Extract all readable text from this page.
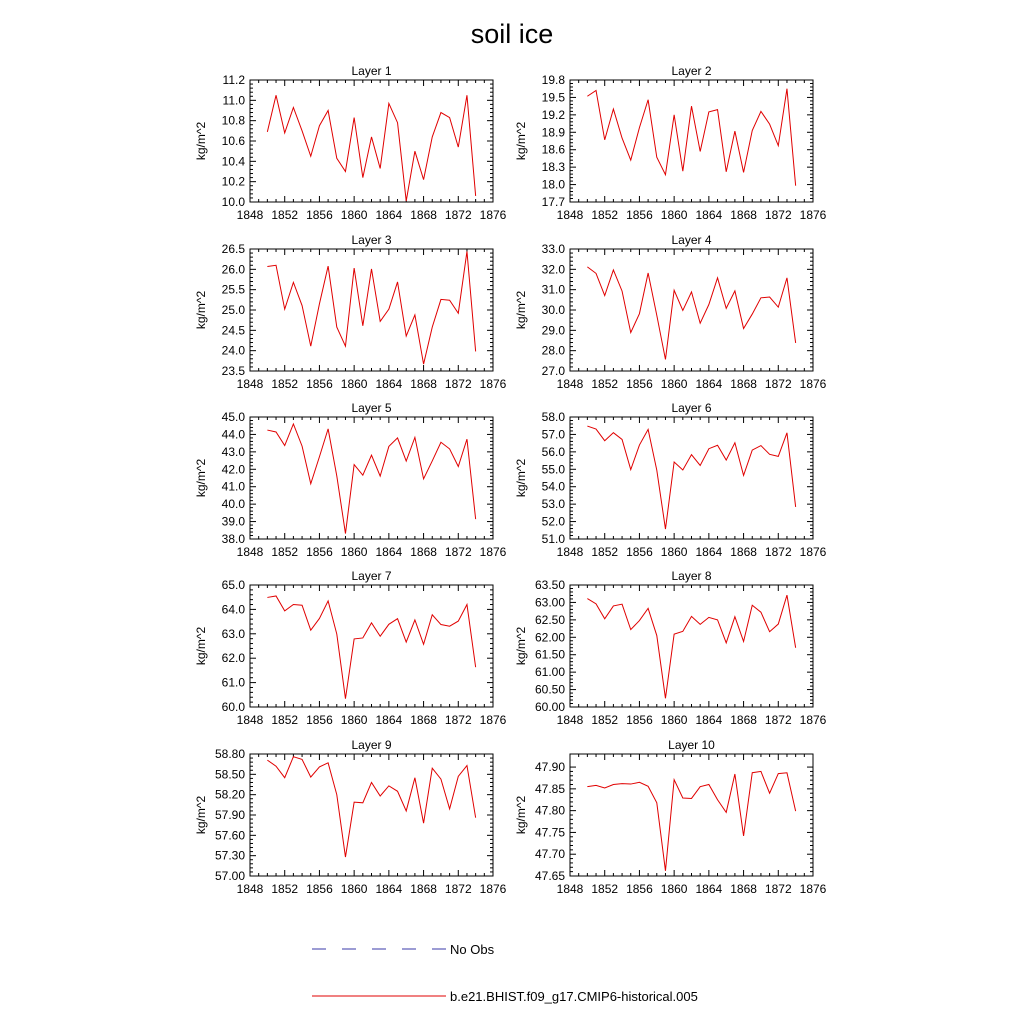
soil ice
Layer 1
1848 1852 1856 1860 1864 1868 1872 1876
10.0
10.2
10.4
10.6
10.8
11.0
11.2
kg/m^2
Layer 2
1848 1852 1856 1860 1864 1868 1872 1876
17.7
18.0
18.3
18.6
18.9
19.2
19.5
19.8
kg/m^2
Layer 3
1848 1852 1856 1860 1864 1868 1872 1876
23.5
24.0
24.5
25.0
25.5
26.0
26.5
kg/m^2
Layer 4
1848 1852 1856 1860 1864 1868 1872 1876
27.0
28.0
29.0
30.0
31.0
32.0
33.0
kg/m^2
Layer 5
1848 1852 1856 1860 1864 1868 1872 1876
38.0
39.0
40.0
41.0
42.0
43.0
44.0
45.0
kg/m^2
Layer 6
1848 1852 1856 1860 1864 1868 1872 1876
51.0
52.0
53.0
54.0
55.0
56.0
57.0
58.0
kg/m^2
Layer 7
1848 1852 1856 1860 1864 1868 1872 1876
60.0
61.0
62.0
63.0
64.0
65.0
kg/m^2
Layer 8
1848 1852 1856 1860 1864 1868 1872 1876
60.00
60.50
61.00
61.50
62.00
62.50
63.00
63.50
kg/m^2
Layer 9
1848 1852 1856 1860 1864 1868 1872 1876
57.00
57.30
57.60
57.90
58.20
58.50
58.80
kg/m^2
Layer 10
1848 1852 1856 1860 1864 1868 1872 1876
47.65
47.70
47.75
47.80
47.85
47.90
kg/m^2
No Obs
b.e21.BHIST.f09_g17.CMIP6-historical.005
